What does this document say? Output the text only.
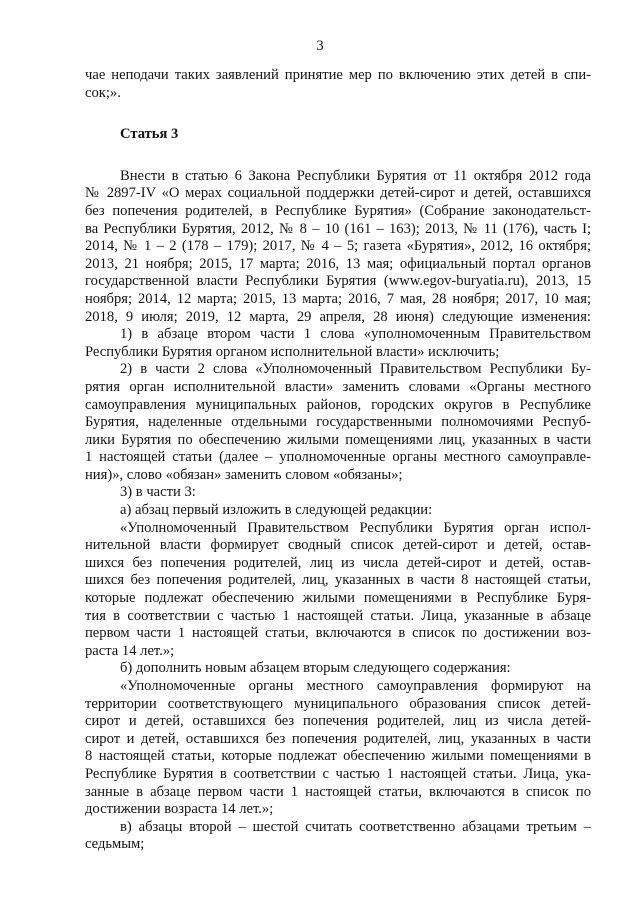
3
чае неподачи таких заявлений принятие мер по включению этих детей в спи-
сок;».
Статья 3
Внести в статью 6 Закона Республики Бурятия от 11 октября 2012 года
№ 2897-IV «О мерах социальной поддержки детей-сирот и детей, оставшихся
без попечения родителей, в Республике Бурятия» (Собрание законодательст-
ва Республики Бурятия, 2012, № 8 – 10 (161 – 163); 2013, № 11 (176), часть I;
2014, № 1 – 2 (178 – 179); 2017, № 4 – 5; газета «Бурятия», 2012, 16 октября;
2013, 21 ноября; 2015, 17 марта; 2016, 13 мая; официальный портал органов
государственной власти Республики Бурятия (www.egov-buryatia.ru), 2013, 15
ноября; 2014, 12 марта; 2015, 13 марта; 2016, 7 мая, 28 ноября; 2017, 10 мая;
2018, 9 июля; 2019, 12 марта, 29 апреля, 28 июня) следующие изменения:
1) в абзаце втором части 1 слова «уполномоченным Правительством
Республики Бурятия органом исполнительной власти» исключить;
2) в части 2 слова «Уполномоченный Правительством Республики Бу-
рятия орган исполнительной власти» заменить словами «Органы местного
самоуправления муниципальных районов, городских округов в Республике
Бурятия, наделенные отдельными государственными полномочиями Респуб-
лики Бурятия по обеспечению жилыми помещениями лиц, указанных в части
1 настоящей статьи (далее – уполномоченные органы местного самоуправле-
ния)», слово «обязан» заменить словом «обязаны»;
3) в части 3:
а) абзац первый изложить в следующей редакции:
«Уполномоченный Правительством Республики Бурятия орган испол-
нительной власти формирует сводный список детей-сирот и детей, остав-
шихся без попечения родителей, лиц из числа детей-сирот и детей, остав-
шихся без попечения родителей, лиц, указанных в части 8 настоящей статьи,
которые подлежат обеспечению жилыми помещениями в Республике Буря-
тия в соответствии с частью 1 настоящей статьи. Лица, указанные в абзаце
первом части 1 настоящей статьи, включаются в список по достижении воз-
раста 14 лет.»;
б) дополнить новым абзацем вторым следующего содержания:
«Уполномоченные органы местного самоуправления формируют на
территории соответствующего муниципального образования список детей-
сирот и детей, оставшихся без попечения родителей, лиц из числа детей-
сирот и детей, оставшихся без попечения родителей, лиц, указанных в части
8 настоящей статьи, которые подлежат обеспечению жилыми помещениями в
Республике Бурятия в соответствии с частью 1 настоящей статьи. Лица, ука-
занные в абзаце первом части 1 настоящей статьи, включаются в список по
достижении возраста 14 лет.»;
в) абзацы второй – шестой считать соответственно абзацами третьим –
седьмым;
